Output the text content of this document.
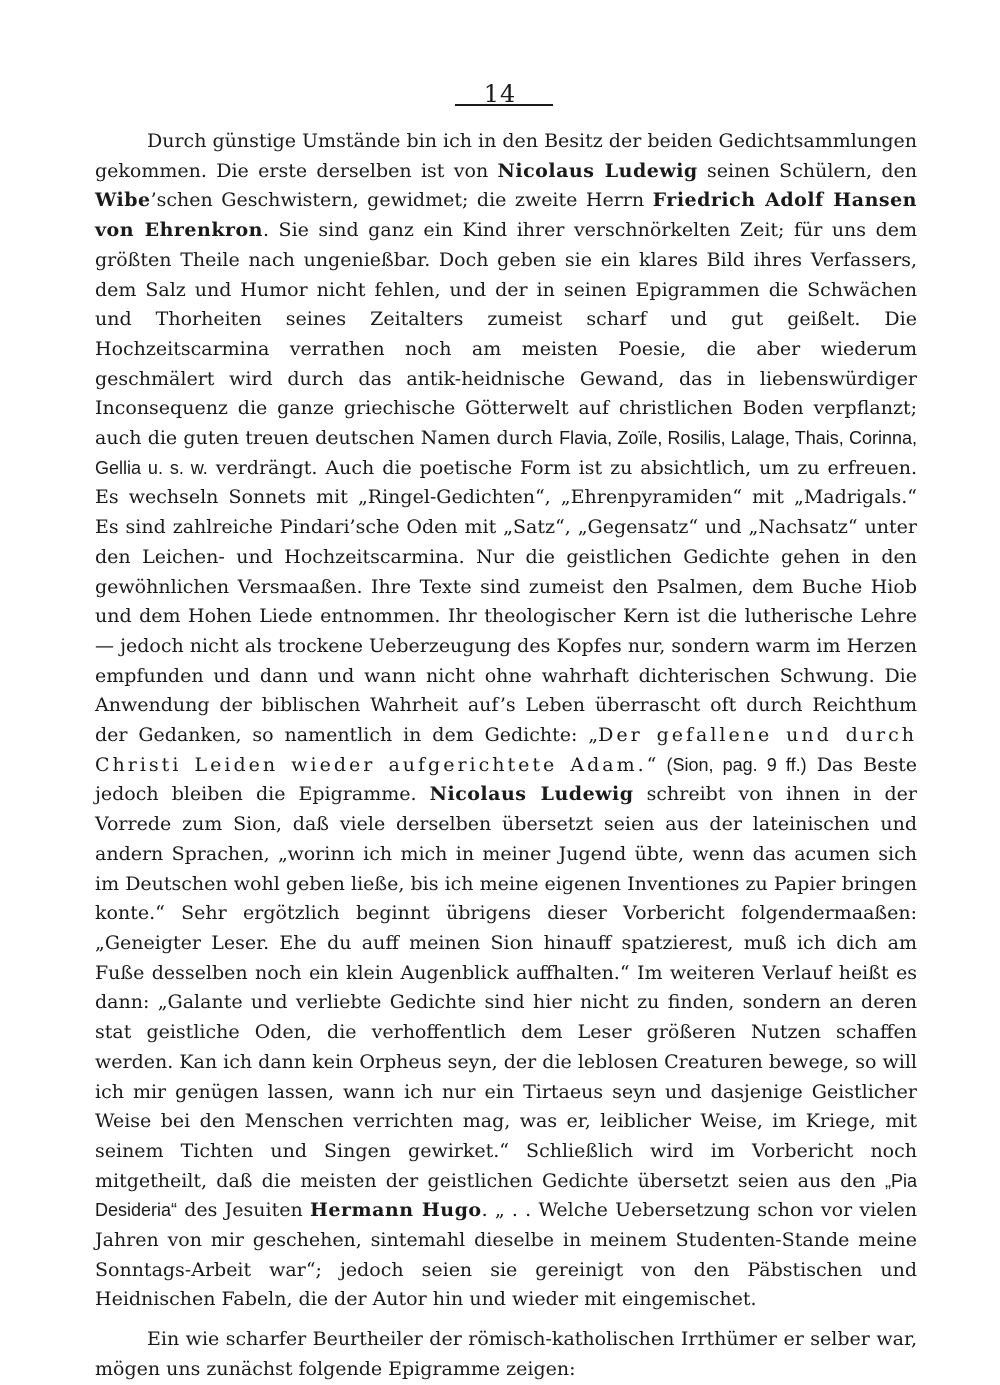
14

Durch günstige Umstände bin ich in den Besitz der beiden Gedichtsammlungen gekommen. Die erste derselben ist von Nicolaus Ludewig seinen Schülern, den Wibe’schen Geschwistern, gewidmet; die zweite Herrn Friedrich Adolf Hansen von Ehrenkron. Sie sind ganz ein Kind ihrer verschnörkelten Zeit; für uns dem größten Theile nach ungenießbar. Doch geben sie ein klares Bild ihres Verfassers, dem Salz und Humor nicht fehlen, und der in seinen Epigrammen die Schwächen und Thorheiten seines Zeitalters zumeist scharf und gut geißelt. Die Hochzeitscarmina verrathen noch am meisten Poesie, die aber wiederum geschmälert wird durch das antik-heidnische Gewand, das in liebenswürdiger Inconsequenz die ganze griechische Götterwelt auf christlichen Boden verpflanzt; auch die guten treuen deutschen Namen durch Flavia, Zoïle, Rosilis, Lalage, Thais, Corinna, Gellia u. s. w. verdrängt. Auch die poetische Form ist zu absichtlich, um zu erfreuen. Es wechseln Sonnets mit „Ringel-Gedichten“, „Ehrenpyramiden“ mit „Madrigals.“ Es sind zahlreiche Pindari’sche Oden mit „Satz“, „Gegensatz“ und „Nachsatz“ unter den Leichen- und Hochzeitscarmina. Nur die geistlichen Gedichte gehen in den gewöhnlichen Versmaaßen. Ihre Texte sind zumeist den Psalmen, dem Buche Hiob und dem Hohen Liede entnommen. Ihr theologischer Kern ist die lutherische Lehre — jedoch nicht als trockene Ueberzeugung des Kopfes nur, sondern warm im Herzen empfunden und dann und wann nicht ohne wahrhaft dichterischen Schwung. Die Anwendung der biblischen Wahrheit auf’s Leben überrascht oft durch Reichthum der Gedanken, so namentlich in dem Gedichte: „Der gefallene und durch Christi Leiden wieder aufgerichtete Adam.“ (Sion, pag. 9 ff.) Das Beste jedoch bleiben die Epigramme. Nicolaus Ludewig schreibt von ihnen in der Vorrede zum Sion, daß viele derselben übersetzt seien aus der lateinischen und andern Sprachen, „worinn ich mich in meiner Jugend übte, wenn das acumen sich im Deutschen wohl geben ließe, bis ich meine eigenen Inventiones zu Papier bringen konte.“ Sehr ergötzlich beginnt übrigens dieser Vorbericht folgendermaaßen: „Geneigter Leser. Ehe du auff meinen Sion hinauff spatzierest, muß ich dich am Fuße desselben noch ein klein Augenblick auffhalten.“ Im weiteren Verlauf heißt es dann: „Galante und verliebte Gedichte sind hier nicht zu finden, sondern an deren stat geistliche Oden, die verhoffentlich dem Leser größeren Nutzen schaffen werden. Kan ich dann kein Orpheus seyn, der die leblosen Creaturen bewege, so will ich mir genügen lassen, wann ich nur ein Tirtaeus seyn und dasjenige Geistlicher Weise bei den Menschen verrichten mag, was er, leiblicher Weise, im Kriege, mit seinem Tichten und Singen gewirket.“ Schließlich wird im Vorbericht noch mitgetheilt, daß die meisten der geistlichen Gedichte übersetzt seien aus den „Pia Desideria“ des Jesuiten Hermann Hugo. „ . . Welche Uebersetzung schon vor vielen Jahren von mir geschehen, sintemahl dieselbe in meinem Studenten-Stande meine Sonntags-Arbeit war“; jedoch seien sie gereinigt von den Päbstischen und Heidnischen Fabeln, die der Autor hin und wieder mit eingemischet.

Ein wie scharfer Beurtheiler der römisch-katholischen Irrthümer er selber war, mögen uns zunächst folgende Epigramme zeigen:
